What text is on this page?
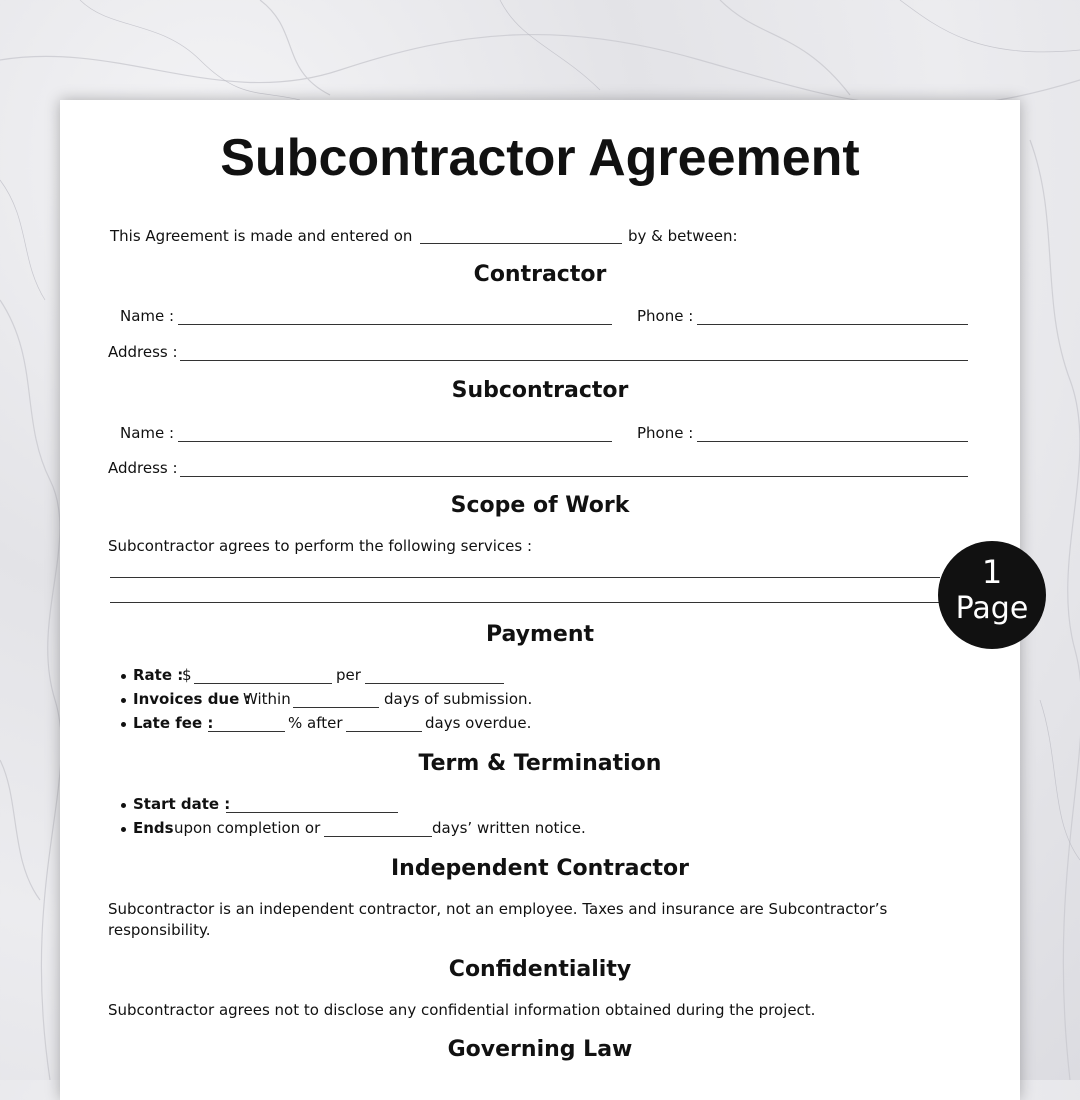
Subcontractor Agreement
This Agreement is made and entered on	by & between:
Contractor
Name :	Phone :
Address :
Subcontractor
Name :	Phone :
Address :
Scope of Work
Subcontractor agrees to perform the following services :
Payment
Rate :
$	per
Invoices due :
Within	days of submission.
Late fee :	% after	days overdue.
Term & Termination
Start date :
Ends upon completion or	days’ written notice.
Independent Contractor
Subcontractor is an independent contractor, not an employee. Taxes and insurance are Subcontractor’s responsibility.
Confidentiality
Subcontractor agrees not to disclose any confidential information obtained during the project.
Governing Law
1
Page
